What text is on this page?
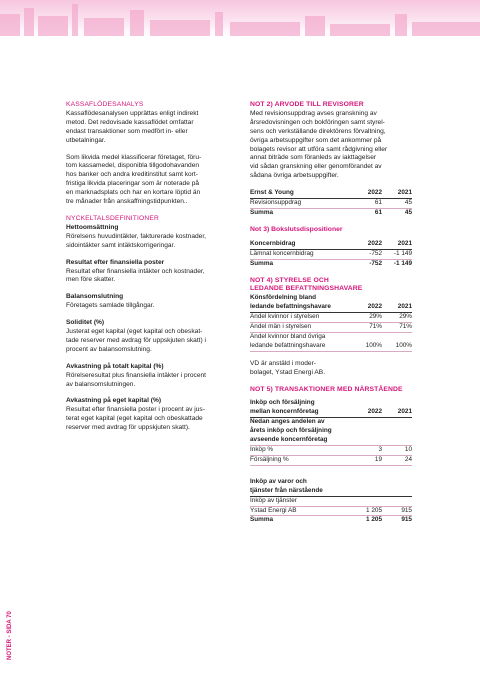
KASSAFLÖDESANALYS

Kassaflödesanalysen upprättas enligt indirekt

metod. Det redovisade kassaflödet omfattar

endast transaktioner som medfört in- eller

utbetalningar.

Som likvida medel klassificerar företaget, föru-

tom kassamedel, disponibla tillgodohavanden

hos banker och andra kreditinstitut samt kort-

fristiga likvida placeringar som är noterade på

en marknadsplats och har en kortare löptid än

tre månader från anskaffningstidpunkten..

NYCKELTALSDEFINITIONER

Hettoomsättning

Rörelsens huvudintäkter, fakturerade kostnader,

sidointäkter samt intäktskorrigeringar.

Resultat efter finansiella poster

Resultat efter finansiella intäkter och kostnader,

men före skatter.

Balansomslutning

Företagets samlade tillgångar.

Soliditet (%)

Justerat eget kapital (eget kapital och obeskat-

tade reserver med avdrag för uppskjuten skatt) i

procent av balansomslutning.

Avkastning på totalt kapital (%)

Rörelseresultat plus finansiella intäkter i procent

av balansomslutningen.

Avkastning på eget kapital (%)

Resultat efter finansiella poster i procent av jus-

terat eget kapital (eget kapital och obeskattade

reserver med avdrag för uppskjuten skatt).

NOT 2) ARVODE TILL REVISORER

Med revisionsuppdrag avses granskning av

årsredovisningen och bokföringen samt styrel-

sens och verkställande direktörens förvaltning,

övriga arbetsuppgifter som det ankommer på

bolagets revisor att utföra samt rådgivning eller

annat biträde som föranleds av iakttagelser

vid sådan granskning eller genomförandet av

sådana övriga arbetsuppgifter.

Ernst & Young	2022	2021
Revisionsuppdrag	61	45
Summa	61	45

Not 3) Bokslutsdispositioner

Koncernbidrag	2022	2021
Lämnat koncernbidrag	-752	-1 149
Summa	-752	-1 149

NOT 4) STYRELSE OCH

LEDANDE BEFATTNINGSHAVARE

Könsfördelning bland		
ledande befattningshavare	2022	2021
Andel kvinnor i styrelsen	29%	29%
Andel män i styrelsen	71%	71%
Andel kvinnor bland övriga		
ledande befattningshavare	100%	100%

VD är anstäld i moder-

bolaget, Ystad Energi AB.

NOT 5) TRANSAKTIONER MED NÄRSTÅENDE

Inköp och försäljning		
mellan koncernföretag	2022	2021
Nedan anges andelen av		
årets inköp och försäljning		
avseende koncernföretag		
Inköp %	3	10
Försäljning %	19	24
Inköp av varor och		
tjänster från närstående		
Inköp av tjänster		
Ystad Energi AB	1 205	915
Summa	1 205	915
NOTER - SIDA 70
